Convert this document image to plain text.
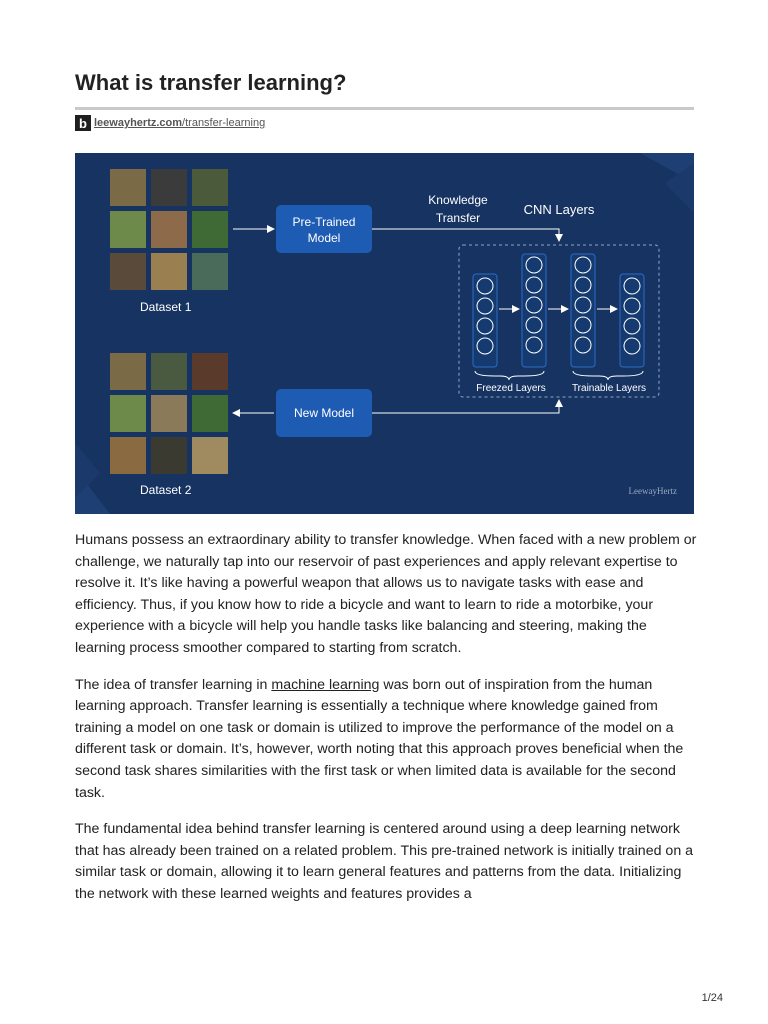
What is transfer learning?
b leewayhertz.com/transfer-learning
Dataset 1
Dataset 2
Pre-Trained
Model
New Model
Knowledge
Transfer
CNN Layers
Freezed Layers	Trainable Layers
LeewayHertz

Humans possess an extraordinary ability to transfer knowledge. When faced with a new problem or challenge, we naturally tap into our reservoir of past experiences and apply relevant expertise to resolve it. It’s like having a powerful weapon that allows us to navigate tasks with ease and efficiency. Thus, if you know how to ride a bicycle and want to learn to ride a motorbike, your experience with a bicycle will help you handle tasks like balancing and steering, making the learning process smoother compared to starting from scratch.

The idea of transfer learning in machine learning was born out of inspiration from the human learning approach. Transfer learning is essentially a technique where knowledge gained from training a model on one task or domain is utilized to improve the performance of the model on a different task or domain. It’s, however, worth noting that this approach proves beneficial when the second task shares similarities with the first task or when limited data is available for the second task.

The fundamental idea behind transfer learning is centered around using a deep learning network that has already been trained on a related problem. This pre-trained network is initially trained on a similar task or domain, allowing it to learn general features and patterns from the data. Initializing the network with these learned weights and features provides a

1/24
